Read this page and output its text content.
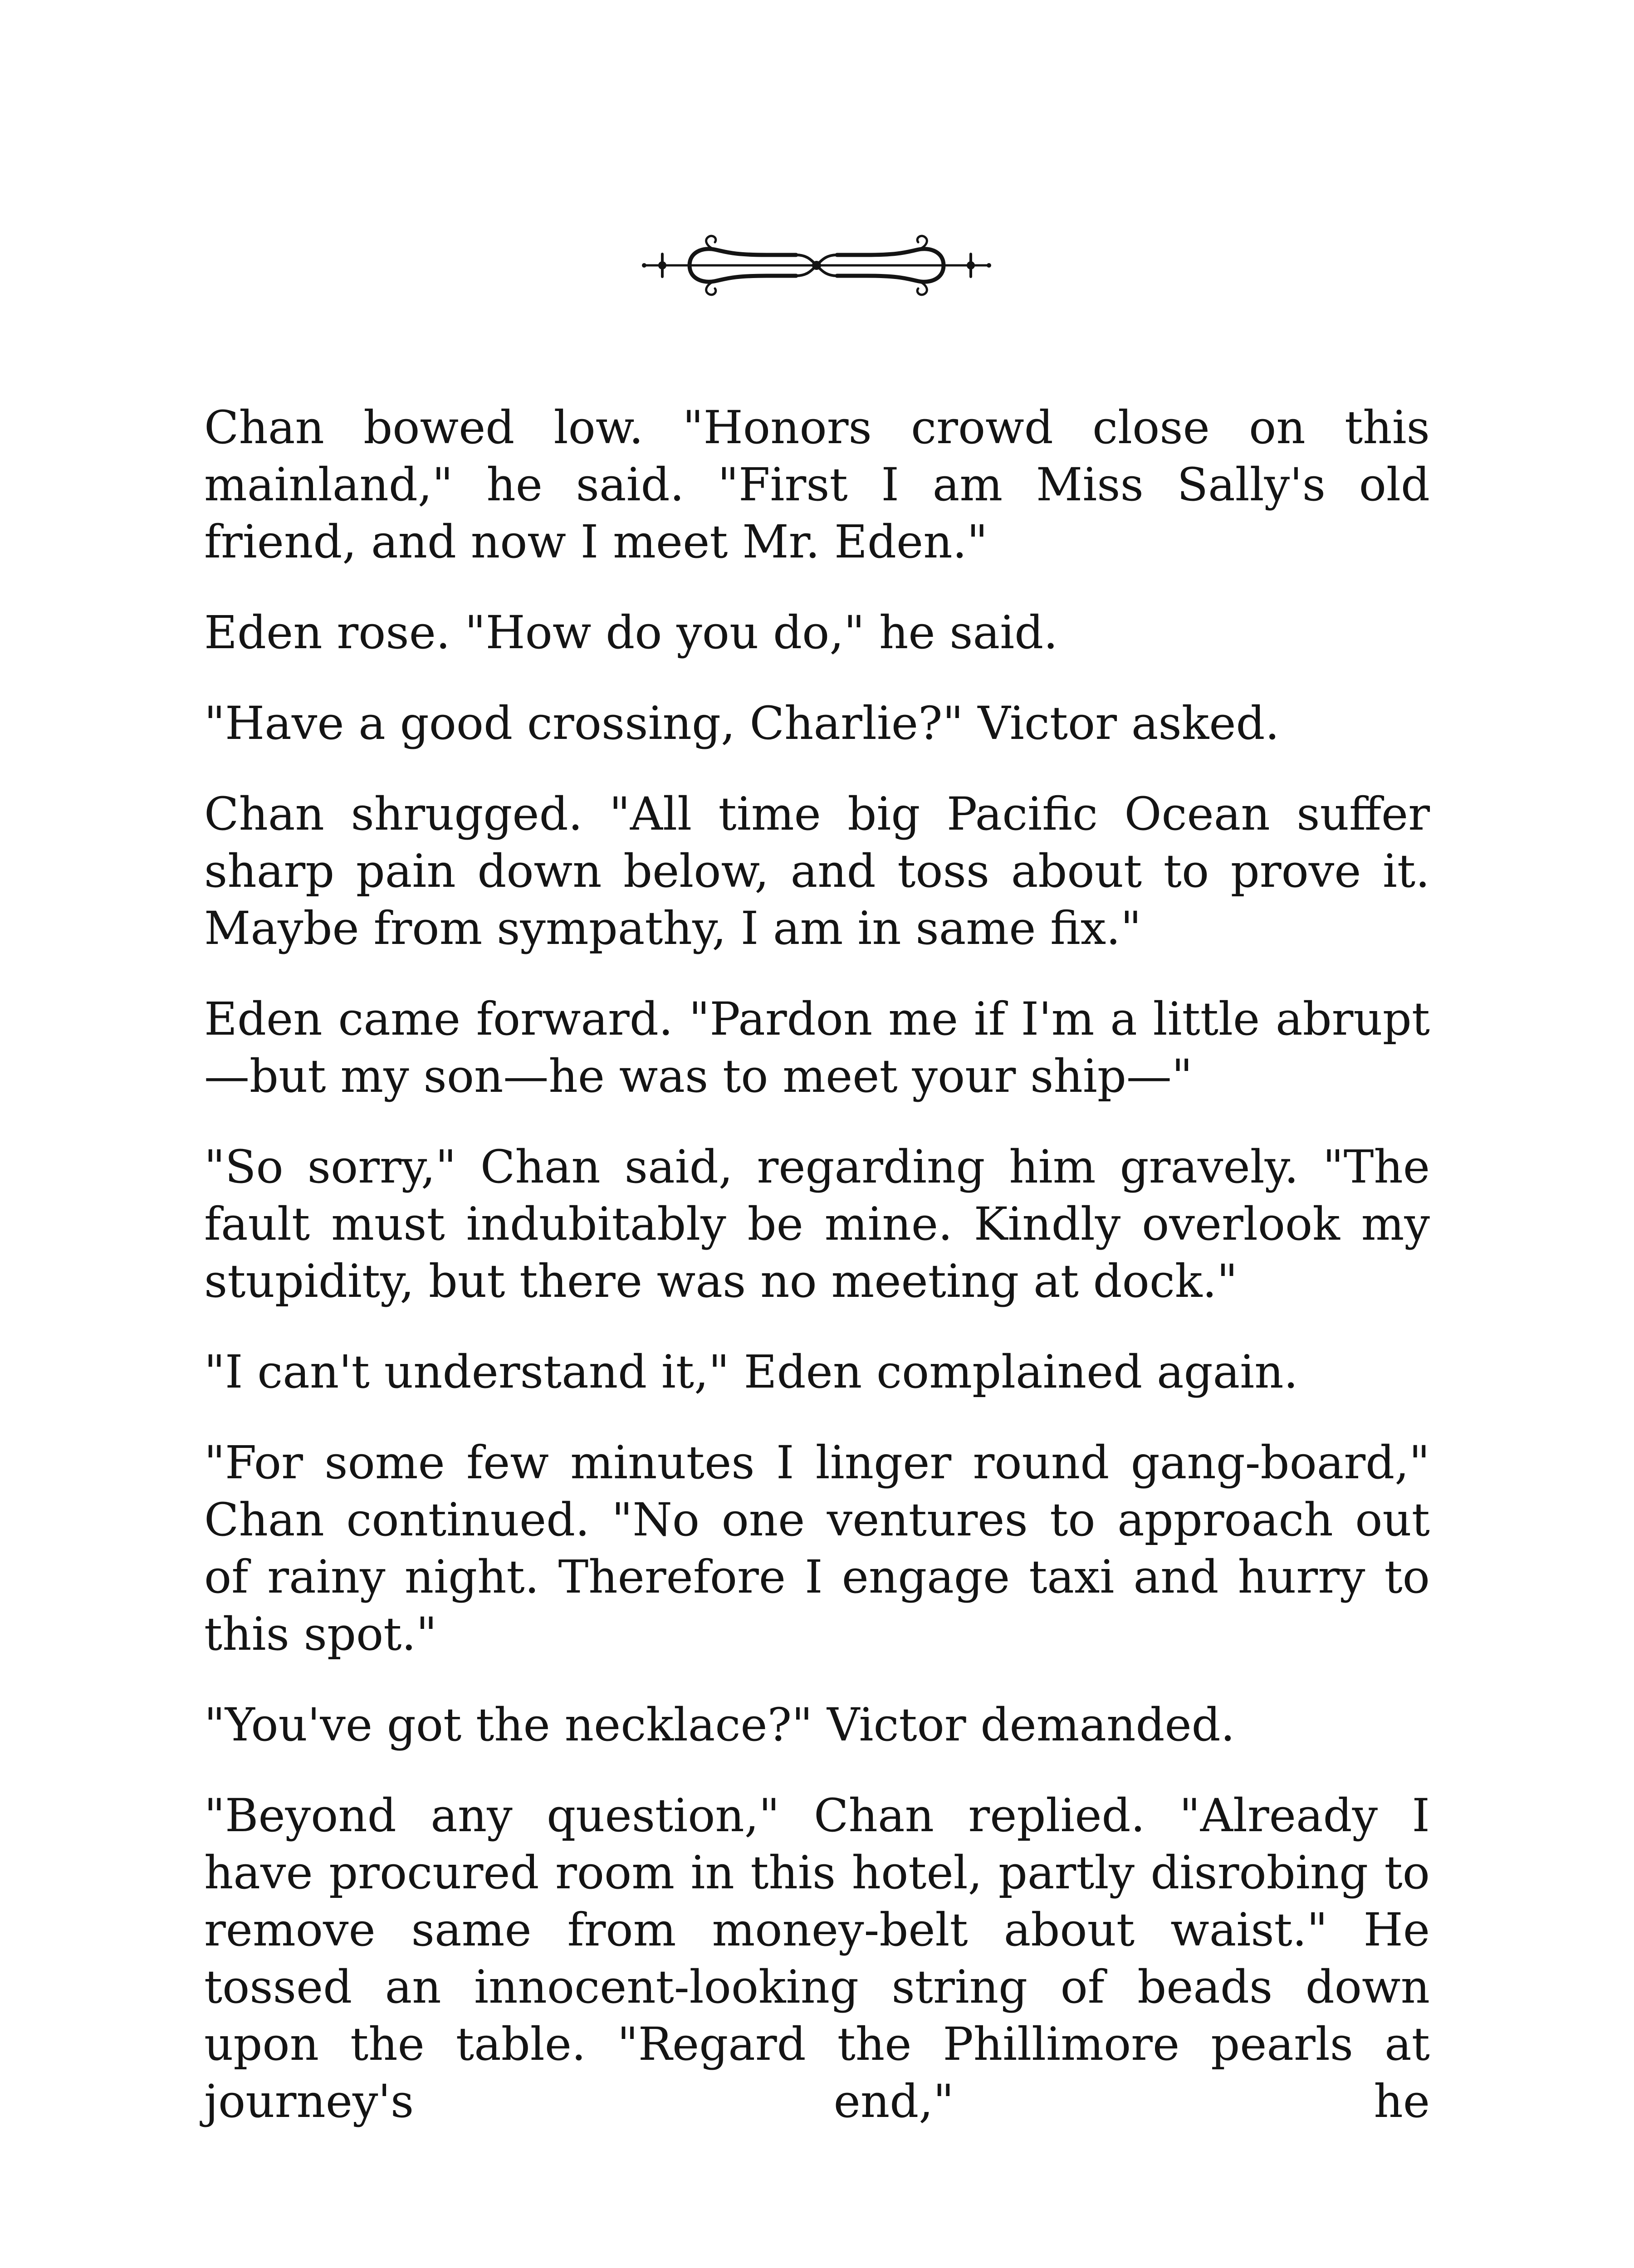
Chan bowed low. "Honors crowd close on this mainland," he said. "First I am Miss Sally's old friend, and now I meet Mr. Eden."

Eden rose. "How do you do," he said.

"Have a good crossing, Charlie?" Victor asked.

Chan shrugged. "All time big Pacific Ocean suffer sharp pain down below, and toss about to prove it. Maybe from sympathy, I am in same fix."

Eden came forward. "Pardon me if I'm a little abrupt—but my son—he was to meet your ship—"

"So sorry," Chan said, regarding him gravely. "The fault must indubitably be mine. Kindly overlook my stupidity, but there was no meeting at dock."

"I can't understand it," Eden complained again.

"For some few minutes I linger round gang-board," Chan continued. "No one ventures to approach out of rainy night. Therefore I engage taxi and hurry to this spot."

"You've got the necklace?" Victor demanded.

"Beyond any question," Chan replied. "Already I have procured room in this hotel, partly disrobing to remove same from money-belt about waist." He tossed an innocent-looking string of beads down upon the table. "Regard the Phillimore pearls at journey's end," he
